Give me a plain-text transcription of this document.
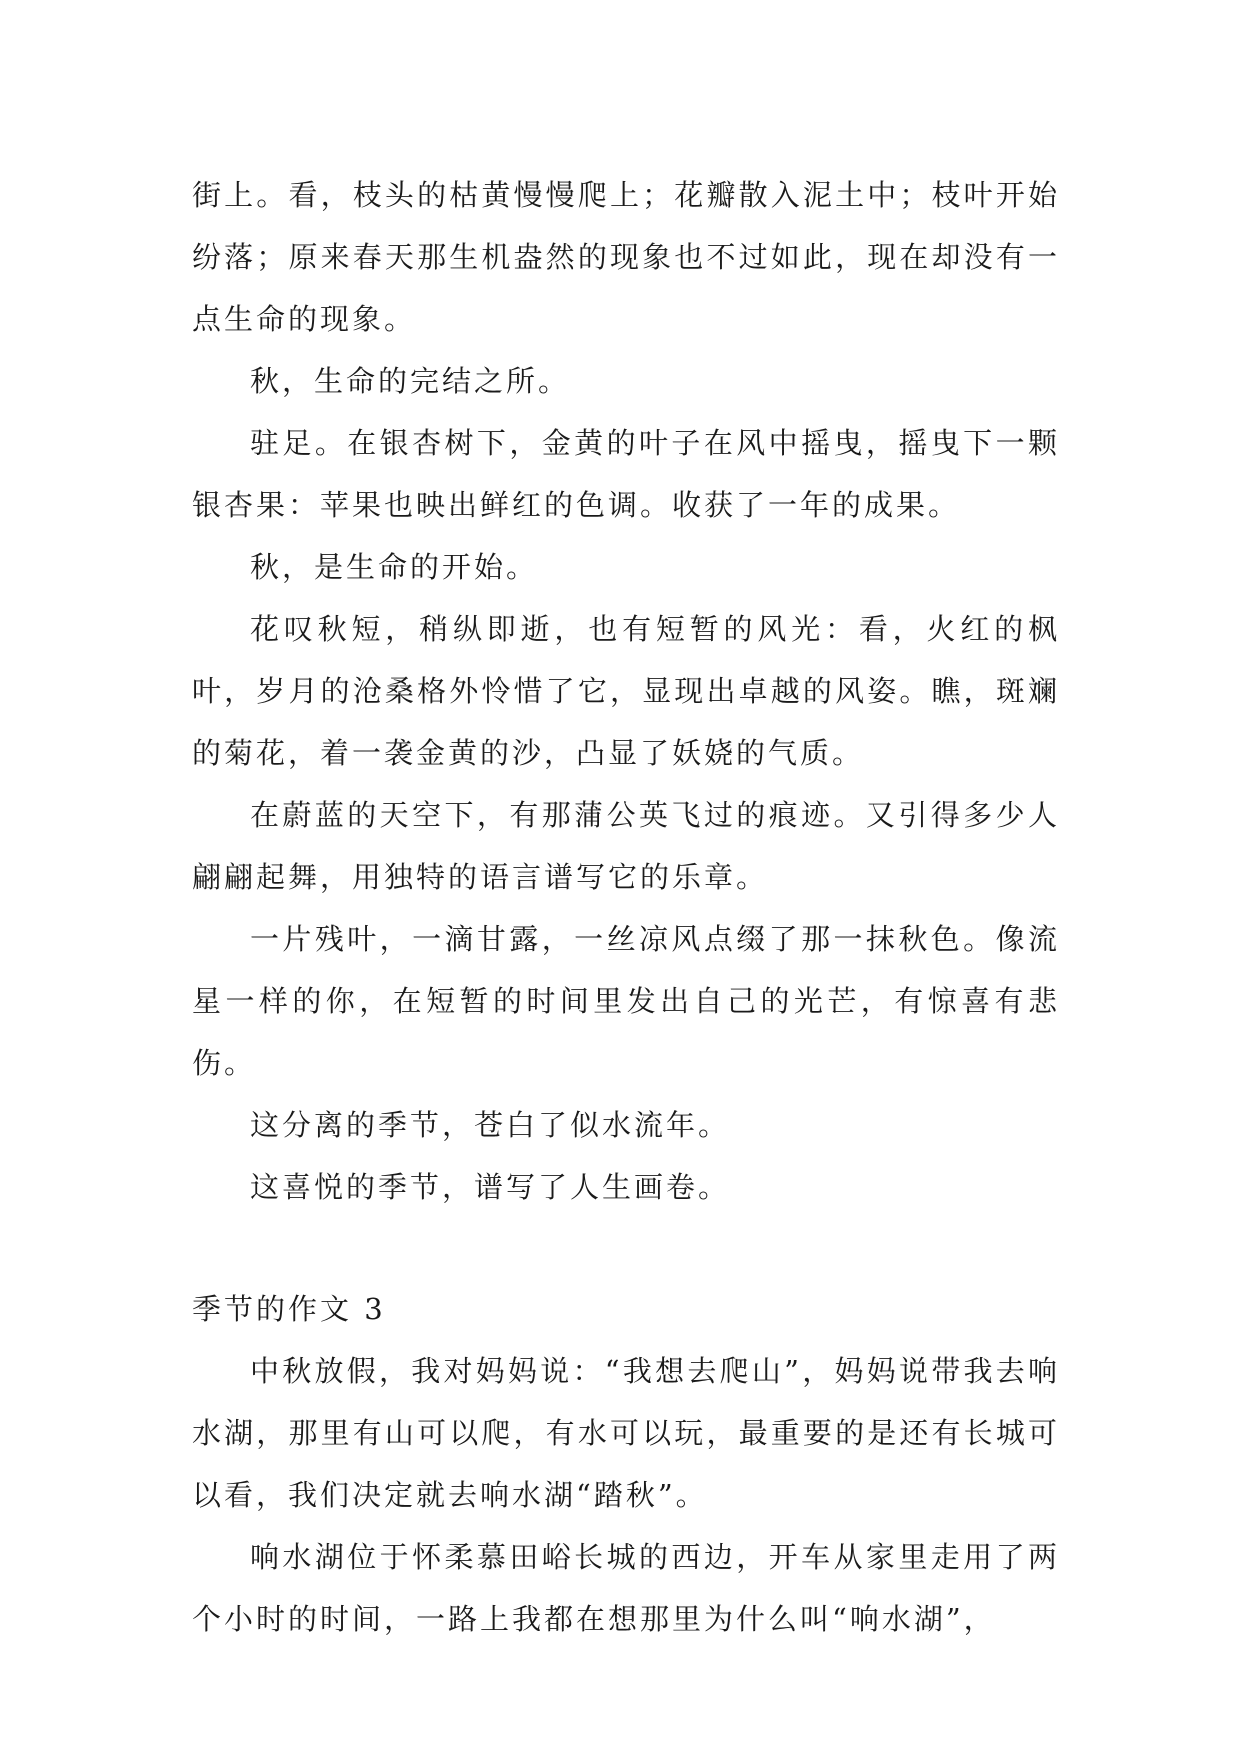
街上。看，枝头的枯黄慢慢爬上；花瓣散入泥土中；枝叶开始纷落；原来春天那生机盎然的现象也不过如此，现在却没有一点生命的现象。

秋，生命的完结之所。

驻足。在银杏树下，金黄的叶子在风中摇曳，摇曳下一颗银杏果：苹果也映出鲜红的色调。收获了一年的成果。

秋，是生命的开始。

花叹秋短，稍纵即逝，也有短暂的风光：看，火红的枫叶，岁月的沧桑格外怜惜了它，显现出卓越的风姿。瞧，斑斓的菊花，着一袭金黄的沙，凸显了妖娆的气质。

在蔚蓝的天空下，有那蒲公英飞过的痕迹。又引得多少人翩翩起舞，用独特的语言谱写它的乐章。

一片残叶，一滴甘露，一丝凉风点缀了那一抹秋色。像流星一样的你，在短暂的时间里发出自己的光芒，有惊喜有悲伤。

这分离的季节，苍白了似水流年。

这喜悦的季节，谱写了人生画卷。

季节的作文 3

中秋放假，我对妈妈说：“我想去爬山”，妈妈说带我去响水湖，那里有山可以爬，有水可以玩，最重要的是还有长城可以看，我们决定就去响水湖“踏秋”。

响水湖位于怀柔慕田峪长城的西边，开车从家里走用了两个小时的时间，一路上我都在想那里为什么叫“响水湖”，
